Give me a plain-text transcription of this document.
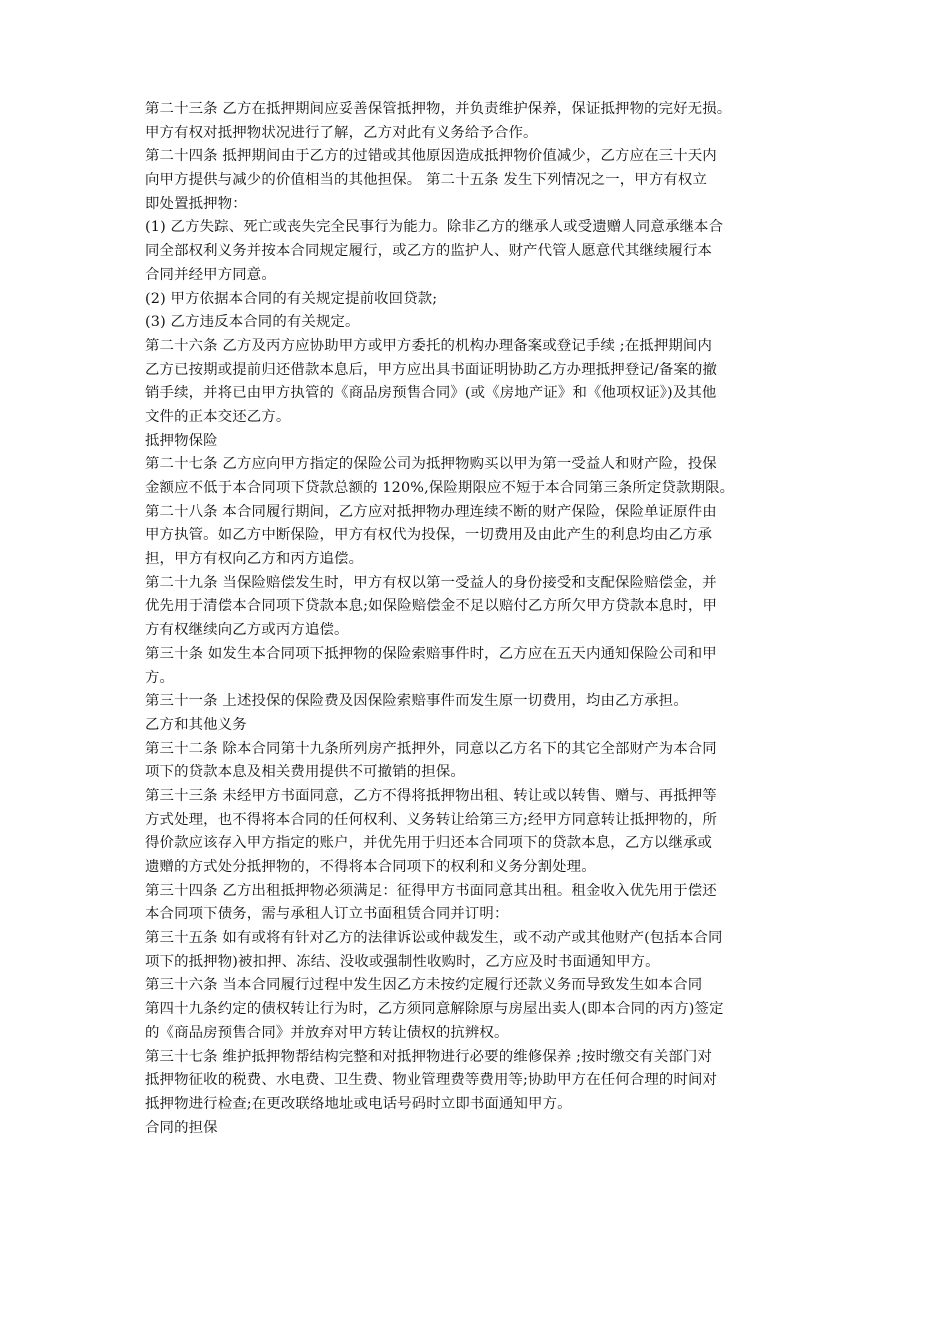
第二十三条 乙方在抵押期间应妥善保管抵押物，并负责维护保养，保证抵押物的完好无损。
甲方有权对抵押物状况进行了解，乙方对此有义务给予合作。
第二十四条 抵押期间由于乙方的过错或其他原因造成抵押物价值减少，乙方应在三十天内
向甲方提供与减少的价值相当的其他担保。 第二十五条 发生下列情况之一，甲方有权立
即处置抵押物：
(1) 乙方失踪、死亡或丧失完全民事行为能力。除非乙方的继承人或受遗赠人同意承继本合
同全部权利义务并按本合同规定履行，或乙方的监护人、财产代管人愿意代其继续履行本
合同并经甲方同意。
(2) 甲方依据本合同的有关规定提前收回贷款;
(3) 乙方违反本合同的有关规定。
第二十六条 乙方及丙方应协助甲方或甲方委托的机构办理备案或登记手续 ;在抵押期间内
乙方已按期或提前归还借款本息后，甲方应出具书面证明协助乙方办理抵押登记/备案的撤
销手续，并将已由甲方执管的《商品房预售合同》(或《房地产证》和《他项权证》)及其他
文件的正本交还乙方。
抵押物保险
第二十七条 乙方应向甲方指定的保险公司为抵押物购买以甲为第一受益人和财产险，投保
金额应不低于本合同项下贷款总额的 120%,保险期限应不短于本合同第三条所定贷款期限。
第二十八条 本合同履行期间，乙方应对抵押物办理连续不断的财产保险，保险单证原件由
甲方执管。如乙方中断保险，甲方有权代为投保，一切费用及由此产生的利息均由乙方承
担，甲方有权向乙方和丙方追偿。
第二十九条 当保险赔偿发生时，甲方有权以第一受益人的身份接受和支配保险赔偿金，并
优先用于清偿本合同项下贷款本息;如保险赔偿金不足以赔付乙方所欠甲方贷款本息时，甲
方有权继续向乙方或丙方追偿。
第三十条 如发生本合同项下抵押物的保险索赔事件时，乙方应在五天内通知保险公司和甲
方。
第三十一条 上述投保的保险费及因保险索赔事件而发生原一切费用，均由乙方承担。
乙方和其他义务
第三十二条 除本合同第十九条所列房产抵押外，同意以乙方名下的其它全部财产为本合同
项下的贷款本息及相关费用提供不可撤销的担保。
第三十三条 未经甲方书面同意，乙方不得将抵押物出租、转让或以转售、赠与、再抵押等
方式处理，也不得将本合同的任何权利、义务转让给第三方;经甲方同意转让抵押物的，所
得价款应该存入甲方指定的账户，并优先用于归还本合同项下的贷款本息，乙方以继承或
遗赠的方式处分抵押物的，不得将本合同项下的权利和义务分割处理。
第三十四条 乙方出租抵押物必须满足：征得甲方书面同意其出租。租金收入优先用于偿还
本合同项下债务，需与承租人订立书面租赁合同并订明：
第三十五条 如有或将有针对乙方的法律诉讼或仲裁发生，或不动产或其他财产(包括本合同
项下的抵押物)被扣押、冻结、没收或强制性收购时，乙方应及时书面通知甲方。
第三十六条 当本合同履行过程中发生因乙方未按约定履行还款义务而导致发生如本合同
第四十九条约定的债权转让行为时，乙方须同意解除原与房屋出卖人(即本合同的丙方)签定
的《商品房预售合同》并放弃对甲方转让债权的抗辨权。
第三十七条 维护抵押物帮结构完整和对抵押物进行必要的维修保养 ;按时缴交有关部门对
抵押物征收的税费、水电费、卫生费、物业管理费等费用等;协助甲方在任何合理的时间对
抵押物进行检查;在更改联络地址或电话号码时立即书面通知甲方。
合同的担保
